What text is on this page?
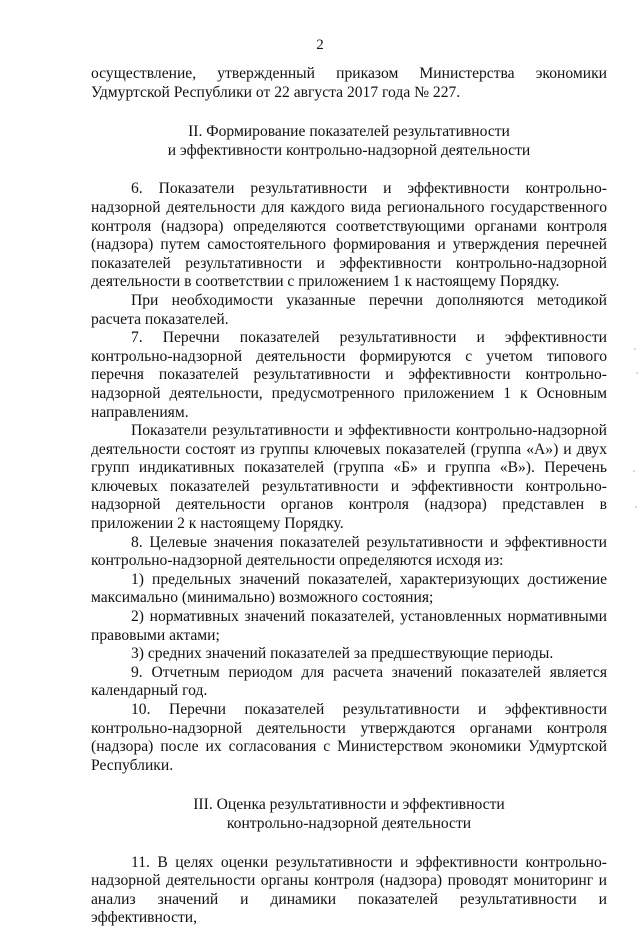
2

осуществление, утвержденный приказом Министерства экономики Удмуртской Республики от 22 августа 2017 года № 227.

II. Формирование показателей результативности

и эффективности контрольно-надзорной деятельности

6. Показатели результативности и эффективности контрольно-надзорной деятельности для каждого вида регионального государственного контроля (надзора) определяются соответствующими органами контроля (надзора) путем самостоятельного формирования и утверждения перечней показателей результативности и эффективности контрольно-надзорной деятельности в соответствии с приложением 1 к настоящему Порядку.

При необходимости указанные перечни дополняются методикой расчета показателей.

7. Перечни показателей результативности и эффективности контрольно-надзорной деятельности формируются с учетом типового перечня показателей результативности и эффективности контрольно-надзорной деятельности, предусмотренного приложением 1 к Основным направлениям.

Показатели результативности и эффективности контрольно-надзорной деятельности состоят из группы ключевых показателей (группа «А») и двух групп индикативных показателей (группа «Б» и группа «В»). Перечень ключевых показателей результативности и эффективности контрольно-надзорной деятельности органов контроля (надзора) представлен в приложении 2 к настоящему Порядку.

8. Целевые значения показателей результативности и эффективности контрольно-надзорной деятельности определяются исходя из:

1) предельных значений показателей, характеризующих достижение максимально (минимально) возможного состояния;

2) нормативных значений показателей, установленных нормативными правовыми актами;

3) средних значений показателей за предшествующие периоды.

9. Отчетным периодом для расчета значений показателей является календарный год.

10. Перечни показателей результативности и эффективности контрольно-надзорной деятельности утверждаются органами контроля (надзора) после их согласования с Министерством экономики Удмуртской Республики.

III. Оценка результативности и эффективности

контрольно-надзорной деятельности

11. В целях оценки результативности и эффективности контрольно-надзорной деятельности органы контроля (надзора) проводят мониторинг и анализ значений и динамики показателей результативности и эффективности,
